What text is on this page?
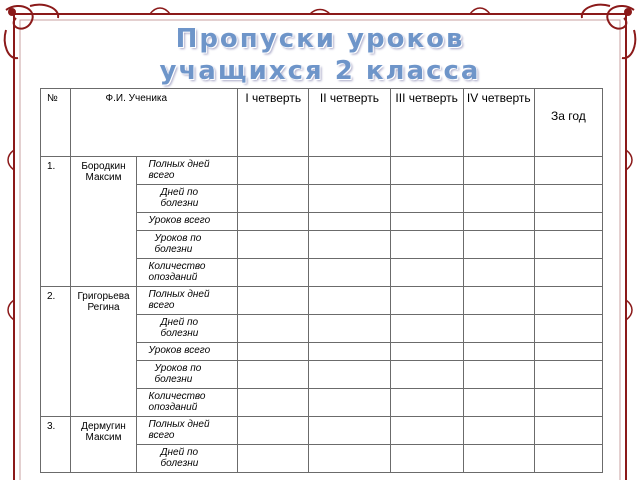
Пропуски уроков
учащихся 2 класса
№	Ф.И. Ученика		I четверть	II четверть	III четверть	IV четверть	За год
1.	Бородкин Максим	Полных дней всего					
		Дней по болезни					
		Уроков всего					
		Уроков по болезни					
		Количество опозданий					
2.	Григорьева Регина	Полных дней всего					
		Дней по болезни					
		Уроков всего					
		Уроков по болезни					
		Количество опозданий					
3.	Дермугин Максим	Полных дней всего					
		Дней по болезни					
